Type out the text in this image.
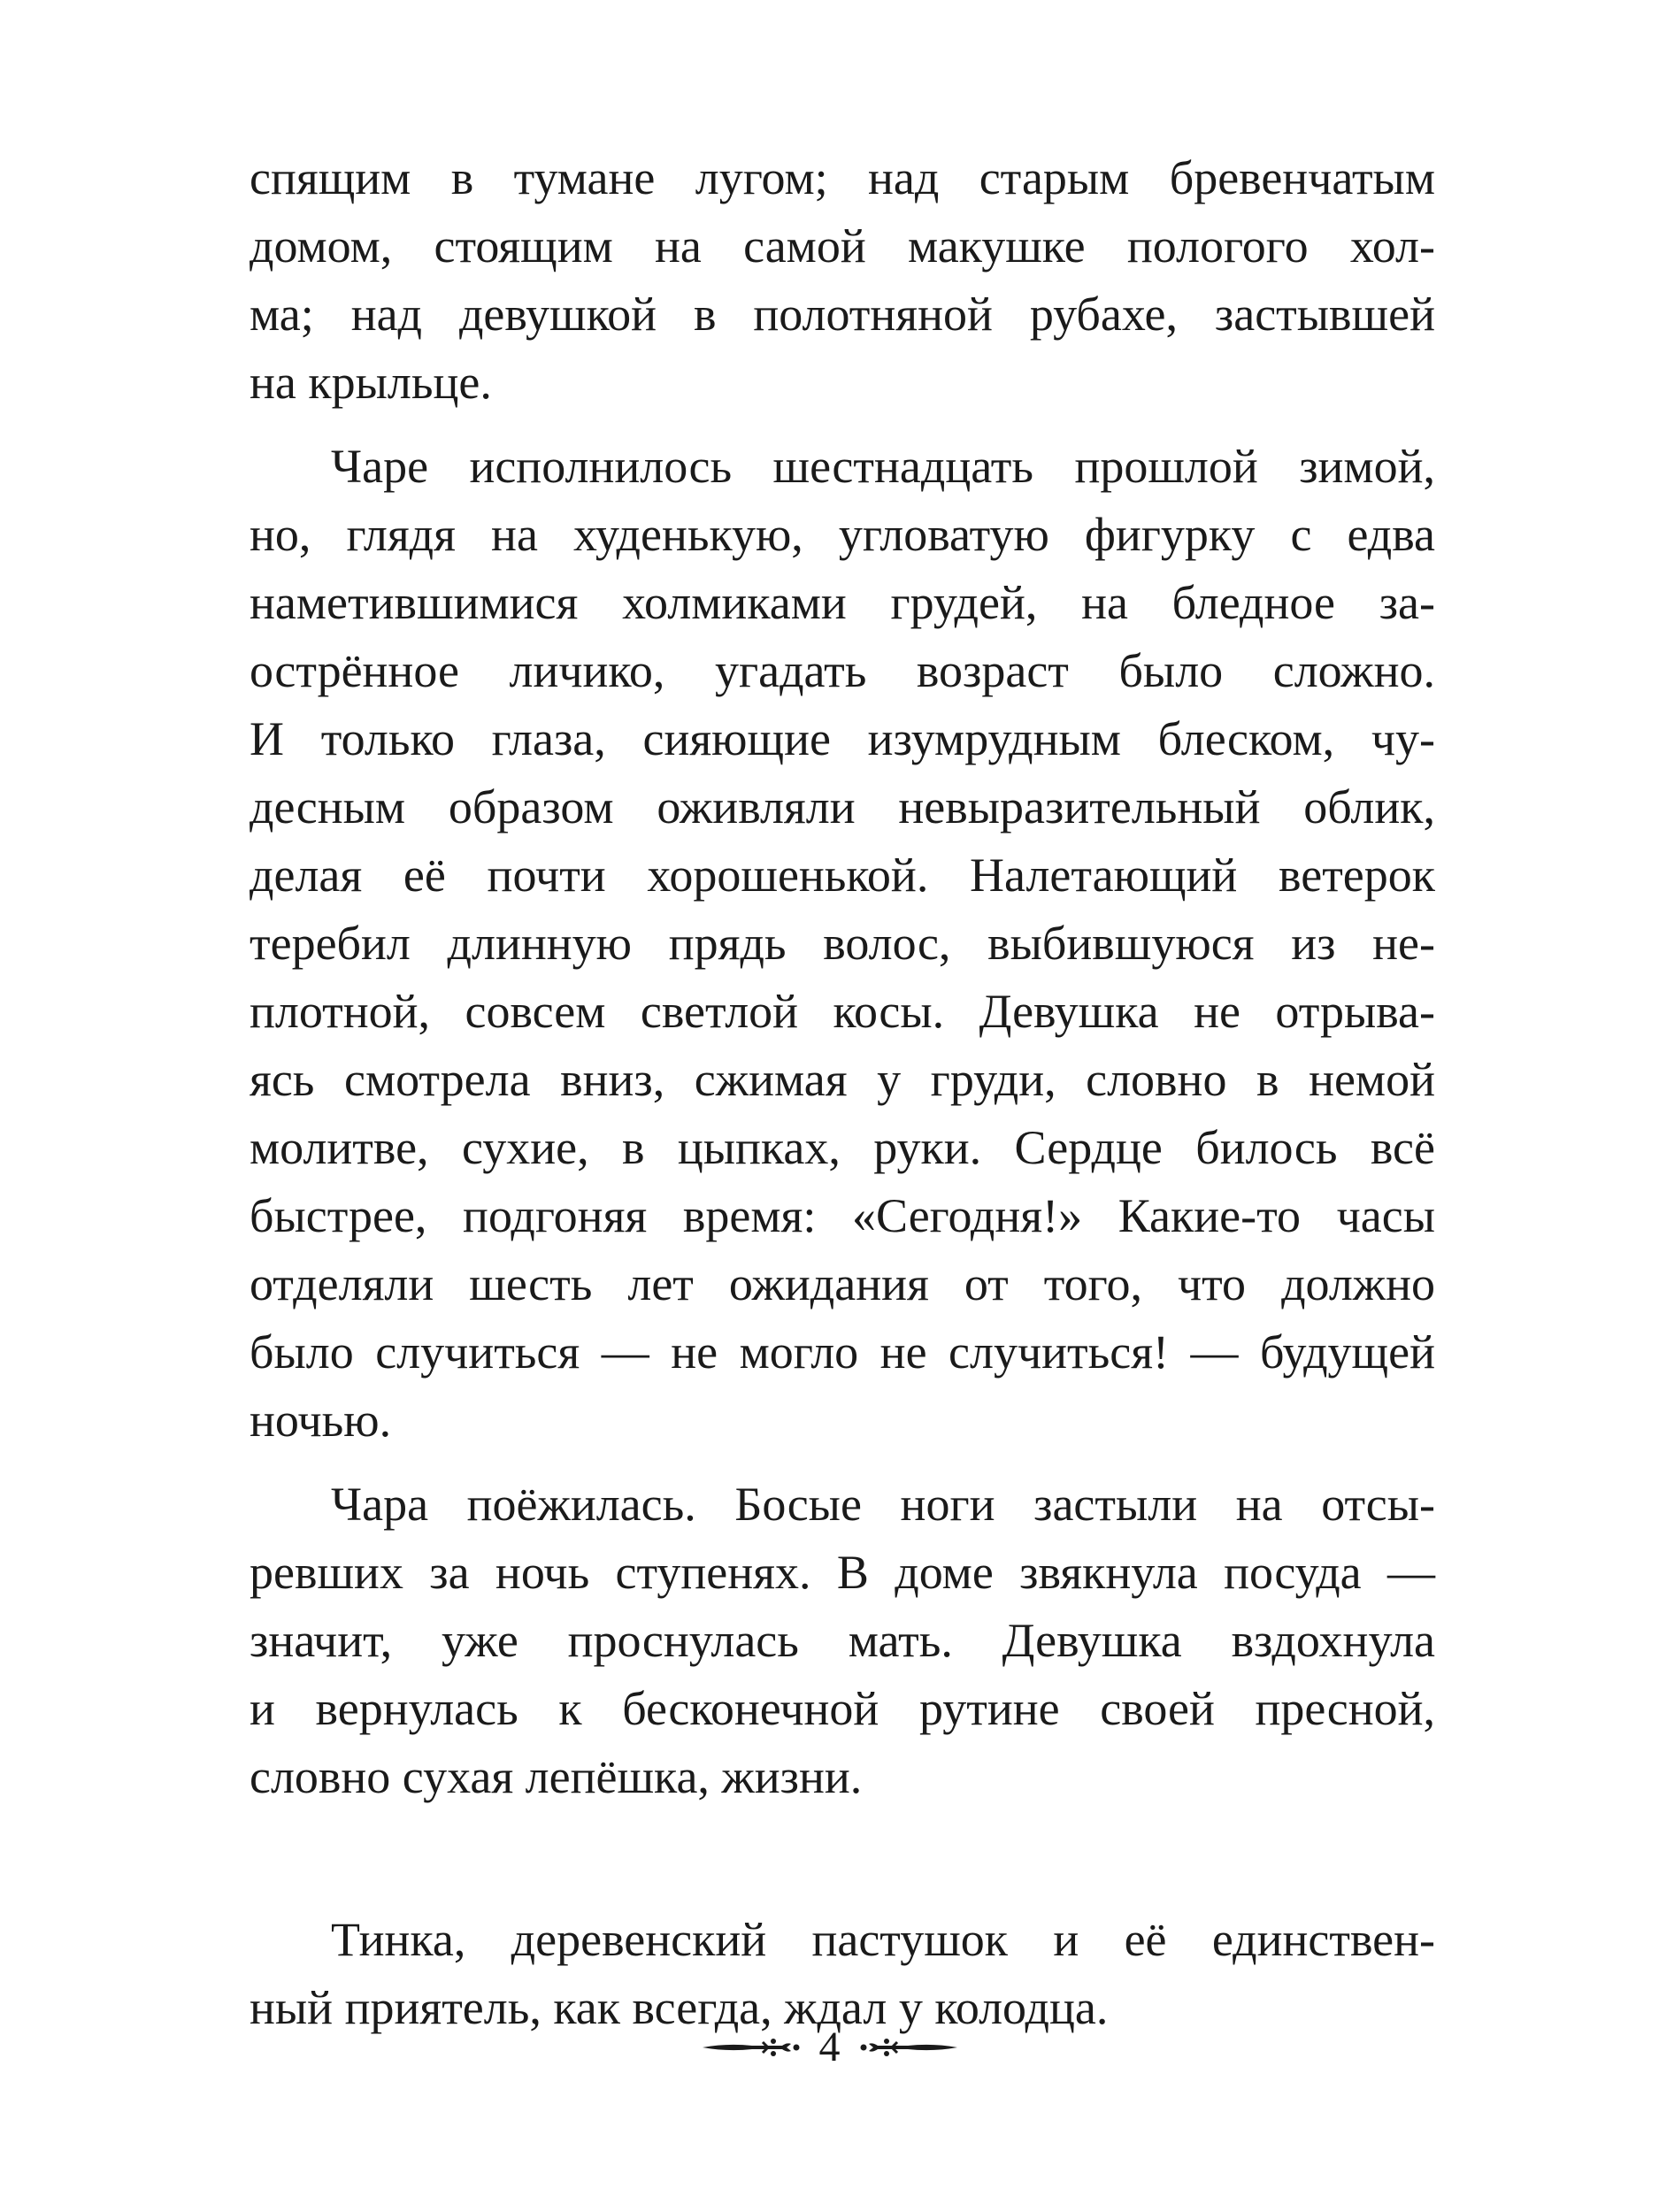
спящим в тумане лугом; над старым бревенчатым
домом, стоящим на самой макушке пологого хол-
ма; над девушкой в полотняной рубахе, застывшей
на крыльце.
Чаре исполнилось шестнадцать прошлой зимой,
но, глядя на худенькую, угловатую фигурку с едва
наметившимися холмиками грудей, на бледное за-
острённое личико, угадать возраст было сложно.
И только глаза, сияющие изумрудным блеском, чу-
десным образом оживляли невыразительный облик,
делая её почти хорошенькой. Налетающий ветерок
теребил длинную прядь волос, выбившуюся из не-
плотной, совсем светлой косы. Девушка не отрыва-
ясь смотрела вниз, сжимая у груди, словно в немой
молитве, сухие, в цыпках, руки. Сердце билось всё
быстрее, подгоняя время: «Сегодня!» Какие-то часы
отделяли шесть лет ожидания от того, что должно
было случиться — не могло не случиться! — будущей
ночью.
Чара поёжилась. Босые ноги застыли на отсы-
ревших за ночь ступенях. В доме звякнула посуда —
значит, уже проснулась мать. Девушка вздохнула
и вернулась к бесконечной рутине своей пресной,
словно сухая лепёшка, жизни.
Тинка, деревенский пастушок и её единствен-
ный приятель, как всегда, ждал у колодца.
4
